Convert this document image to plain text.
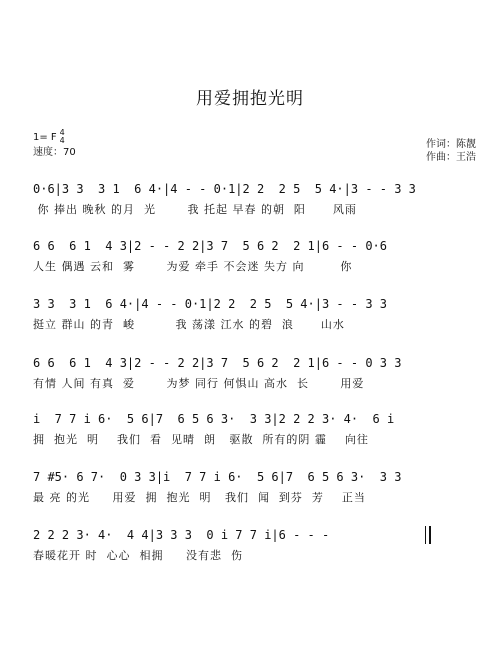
用爱拥抱光明
1= F 4
4
速度：70
作词：陈靓
作曲：王浩
0·6|3 3  3 1  6 4·|4 - - 0·1|2 2  2 5  5 4·|3 - - 3 3
你 捧出 晚秋 的月  光       我 托起 早春 的朝  阳      风雨
6 6  6 1  4 3|2 - - 2 2|3 7  5 6 2  2 1|6 - - 0·6
人生 偶遇 云和  雾       为爱 牵手 不会迷 失方 向        你
3 3  3 1  6 4·|4 - - 0·1|2 2  2 5  5 4·|3 - - 3 3
挺立 群山 的青  峻         我 荡漾 江水 的碧  浪      山水
6 6  6 1  4 3|2 - - 2 2|3 7  5 6 2  2 1|6 - - 0 3 3
有情 人间 有真  爱       为梦 同行 何惧山 高水  长       用爱
i  7 7 i 6·  5 6|7  6 5 6 3·  3 3|2 2 2 3· 4·  6 i
拥  抱光  明    我们  看  见晴  朗   驱散  所有的阴 霾    向往
7 #5· 6 7·  0 3 3|i  7 7 i 6·  5 6|7  6 5 6 3·  3 3
最 亮 的光     用爱  拥  抱光  明   我们  闻  到芬  芳    正当
2 2 2 3· 4·  4 4|3 3 3  0 i 7 7 i|6 - - -
春暖花开 时  心心  相拥     没有悲  伤
